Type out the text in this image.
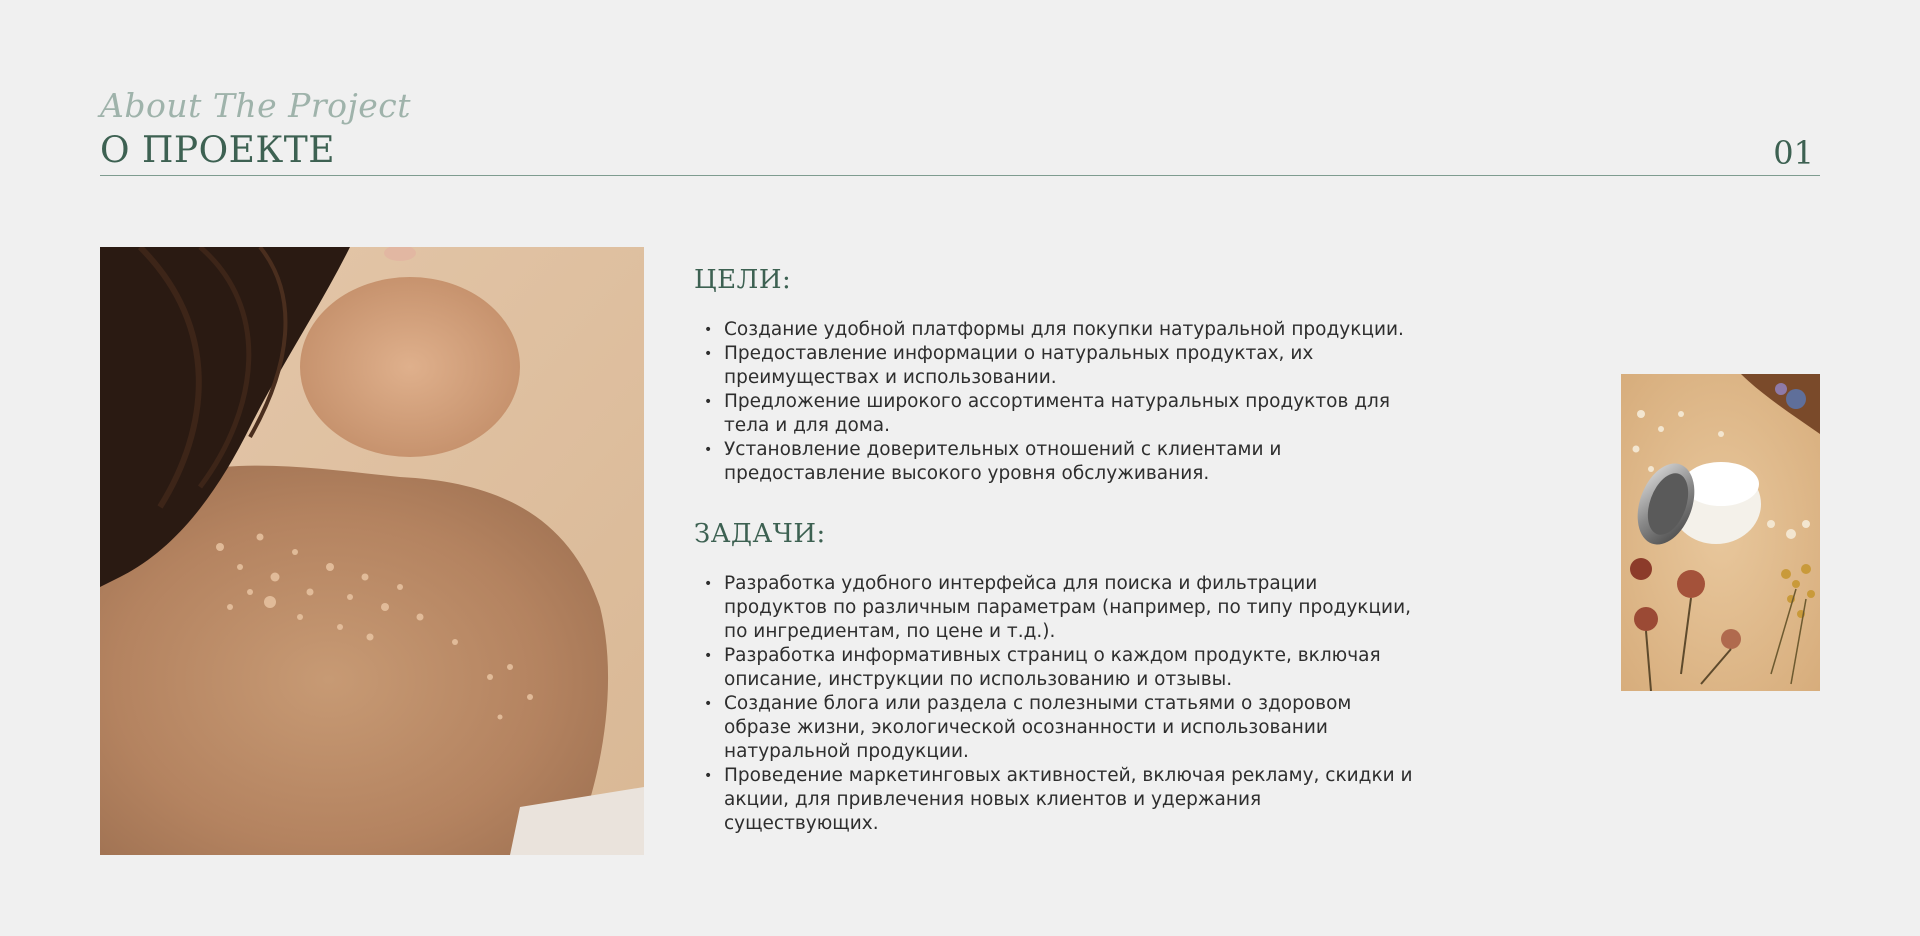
About The Project
О ПРОЕКТЕ	01
ЦЕЛИ:
• Создание удобной платформы для покупки натуральной продукции.
• Предоставление информации о натуральных продуктах, их преимуществах и использовании.
• Предложение широкого ассортимента натуральных продуктов для тела и для дома.
• Установление доверительных отношений с клиентами и предоставление высокого уровня обслуживания.
ЗАДАЧИ:
• Разработка удобного интерфейса для поиска и фильтрации продуктов по различным параметрам (например, по типу продукции, по ингредиентам, по цене и т.д.).
• Разработка информативных страниц о каждом продукте, включая описание, инструкции по использованию и отзывы.
• Создание блога или раздела с полезными статьями о здоровом образе жизни, экологической осознанности и использовании натуральной продукции.
• Проведение маркетинговых активностей, включая рекламу, скидки и акции, для привлечения новых клиентов и удержания существующих.
